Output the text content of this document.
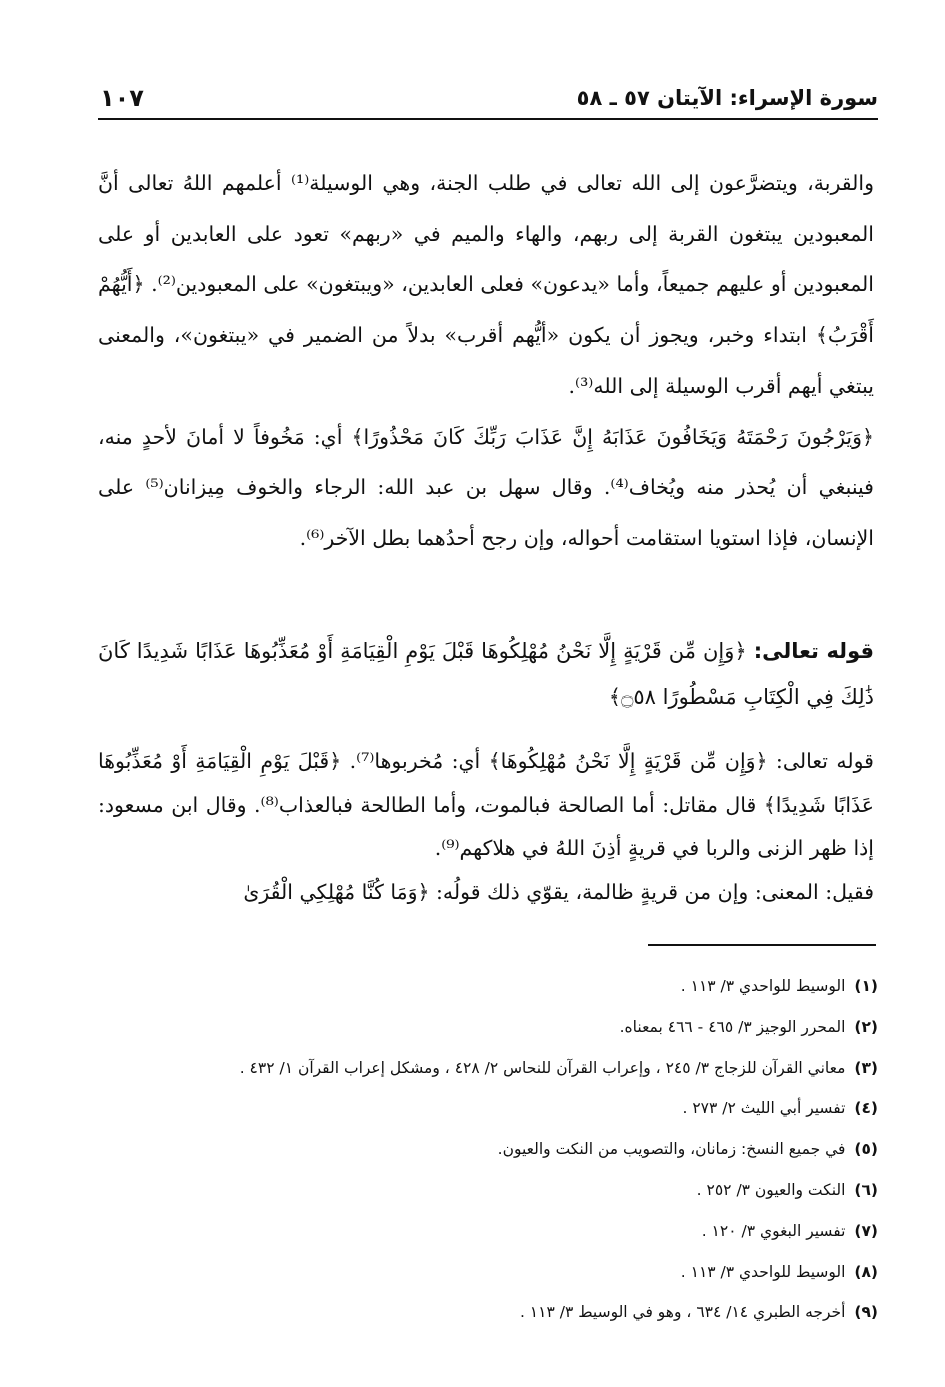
سورة الإسراء: الآيتان ٥٧ ـ ٥٨
١٠٧

والقربة، ويتضرَّعون إلى الله تعالى في طلب الجنة، وهي الوسيلة⁽¹⁾ أعلمهم اللهُ تعالى أنَّ المعبودين يبتغون القربة إلى ربهم، والهاء والميم في «ربهم» تعود على العابدين أو على المعبودين أو عليهم جميعاً، وأما «يدعون» فعلى العابدين، «ويبتغون» على المعبودين⁽²⁾. ﴿أَيُّهُمْ أَقْرَبُ﴾ ابتداء وخبر، ويجوز أن يكون «أيُّهم أقرب» بدلاً من الضمير في «يبتغون»، والمعنى يبتغي أيهم أقرب الوسيلة إلى الله⁽³⁾.

﴿وَيَرْجُونَ رَحْمَتَهُ وَيَخَافُونَ عَذَابَهُ إِنَّ عَذَابَ رَبِّكَ كَانَ مَحْذُورًا﴾ أي: مَخُوفاً لا أمانَ لأحدٍ منه، فينبغي أن يُحذر منه ويُخاف⁽⁴⁾. وقال سهل بن عبد الله: الرجاء والخوف مِيزانان⁽⁵⁾ على الإنسان، فإذا استويا استقامت أحواله، وإن رجح أحدُهما بطل الآخر⁽⁶⁾.

قوله تعالى: ﴿وَإِن مِّن قَرْيَةٍ إِلَّا نَحْنُ مُهْلِكُوهَا قَبْلَ يَوْمِ الْقِيَامَةِ أَوْ مُعَذِّبُوهَا عَذَابًا شَدِيدًا كَانَ ذَٰلِكَ فِي الْكِتَابِ مَسْطُورًا ۝٥٨﴾

قوله تعالى: ﴿وَإِن مِّن قَرْيَةٍ إِلَّا نَحْنُ مُهْلِكُوهَا﴾ أي: مُخربوها⁽⁷⁾. ﴿قَبْلَ يَوْمِ الْقِيَامَةِ أَوْ مُعَذِّبُوهَا عَذَابًا شَدِيدًا﴾ قال مقاتل: أما الصالحة فبالموت، وأما الطالحة فبالعذاب⁽⁸⁾. وقال ابن مسعود: إذا ظهر الزنى والربا في قريةٍ أذِنَ اللهُ في هلاكهم⁽⁹⁾.

فقيل: المعنى: وإن من قريةٍ ظالمة، يقوّي ذلك قولُه: ﴿وَمَا كُنَّا مُهْلِكِي الْقُرَىٰ

(١) الوسيط للواحدي ٣/ ١١٣ .
(٢) المحرر الوجيز ٣/ ٤٦٥ - ٤٦٦ بمعناه.
(٣) معاني القرآن للزجاج ٣/ ٢٤٥ ، وإعراب القرآن للنحاس ٢/ ٤٢٨ ، ومشكل إعراب القرآن ١/ ٤٣٢ .
(٤) تفسير أبي الليث ٢/ ٢٧٣ .
(٥) في جميع النسخ: زمانان، والتصويب من النكت والعيون.
(٦) النكت والعيون ٣/ ٢٥٢ .
(٧) تفسير البغوي ٣/ ١٢٠ .
(٨) الوسيط للواحدي ٣/ ١١٣ .
(٩) أخرجه الطبري ١٤/ ٦٣٤ ، وهو في الوسيط ٣/ ١١٣ .
